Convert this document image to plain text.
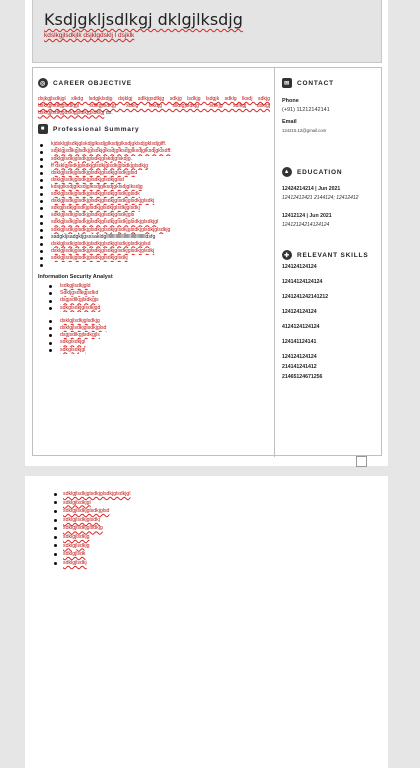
Ksdjgkljsdlkgj dklgjlksdjg
kdslkgjlsdkjlk dsjklgdsklj l dsjklk
◎	CAREER OBJECTIVE
dsjkgjlsdkjgl slkdg lsdgjklsdjg dsjklgj sdlkjgsdlkjg sdkjg lsdkjg lsdgjk sdklg lksdj sdkjg dsklgjlsdkjglsdkjgl sdlkgjlsdkjg sdklg lskdjg slkdgjlsdkjg sdlkjg sdlkgj dsklgj dsklgjlsdkjgdsklgjsdlkjgsdklgj ds.
■	Professional Summary
kjdsklgjlsdkjglskdjglksdjglksdjglksdjgklsdjgklsdjglff.
sdjklgjsdlkgjlsdkjglsdkjglksdjglksdjglksdjglksdjgklsdff.
sdklgjlsdkjglsdkjglsdkjglskdjglskdjg.
ff dsklgjlsdkjglsdkjglsdkjglsdkjglsdkjglsdkjg
dsklgjlsdkjglsdkjglsdkjglsdkjglsdkjglsd
dsklgjlsdkjglsdkjglsdkjglsdkjglsd
kdsjglksdjglksdjglksdjglksdjgklsdjglksdjg
sdklgjlsdkjglsdkjglsdkjglsdkjglsdkjglsdk
dsklgjlsdkjglsdkjglsdkjglsdkjglsdkjglsdkjglsdkj
sdkgjlsdkjglsdkjglsdkjglsdkjglsdkjglsdkj
sdklgjlsdkjglsdkjglsdkjglsdkjglsdkjgls
sdklgjlsdkjglsdkjglsdkjglsdkjglsdkjglsdkjglsdkjgl
sdklgjlsdkjglsdkjglsdkjglsdkjglsdkjglsdkjglsdkjglsdkjg
sadgkljsadgkljgsssakldglllllllllllllllllllllllllllllllllldsfg
dsklgjlsdkjglsdkjglsdkjglsdkjglsdkjglsdkjglsd
dsklgjlsdkjglsdkjglsdkjglsdkjglsdkjglsdkjglsdkj
sdklgjlsdkjglsdkjglsdkjglsdkjglsdkj
Information Security Analyst
lsdkgjlsdkjgld
Sdkljgsdlkgjsdkd
dsgjsdlkgjlsdkgjs
sdkglsdkjglsdkjgd
dsklgjlsdkjglsdkjg
dsklgjlsdkjglsdkjglsd
dsgjsdlkgjlsdkgjls
sdkglsdkjgl
sdkglsdkjgl
✉	CONTACT
Phone
(+91) 11212142141
Email
124215.12@gmail.com
▲ EDUCATION
12424214214 | Jun 2021
12412412421 2144124; 12412412
12412124 | Jun 2021
12412124214124124
✚	RELEVANT SKILLS
124124124124
12414124124124
1241241242141212
124124124124
4124124124124
124141124141
124124124124
214141241412
21465124671256
sdklgjlsdkjglsdkjglsdkjglsdkjgl
sdklgjlsdkjgl
sdklgjlsdkjglsdkjglsd
sdklgjlsdkjglsdkj
sdklgjlsdkjglsdkjg
sdklgjlsdkjg
sdklgjlsdkjg
sdklgjlsdk
sdklgjlsdkj
